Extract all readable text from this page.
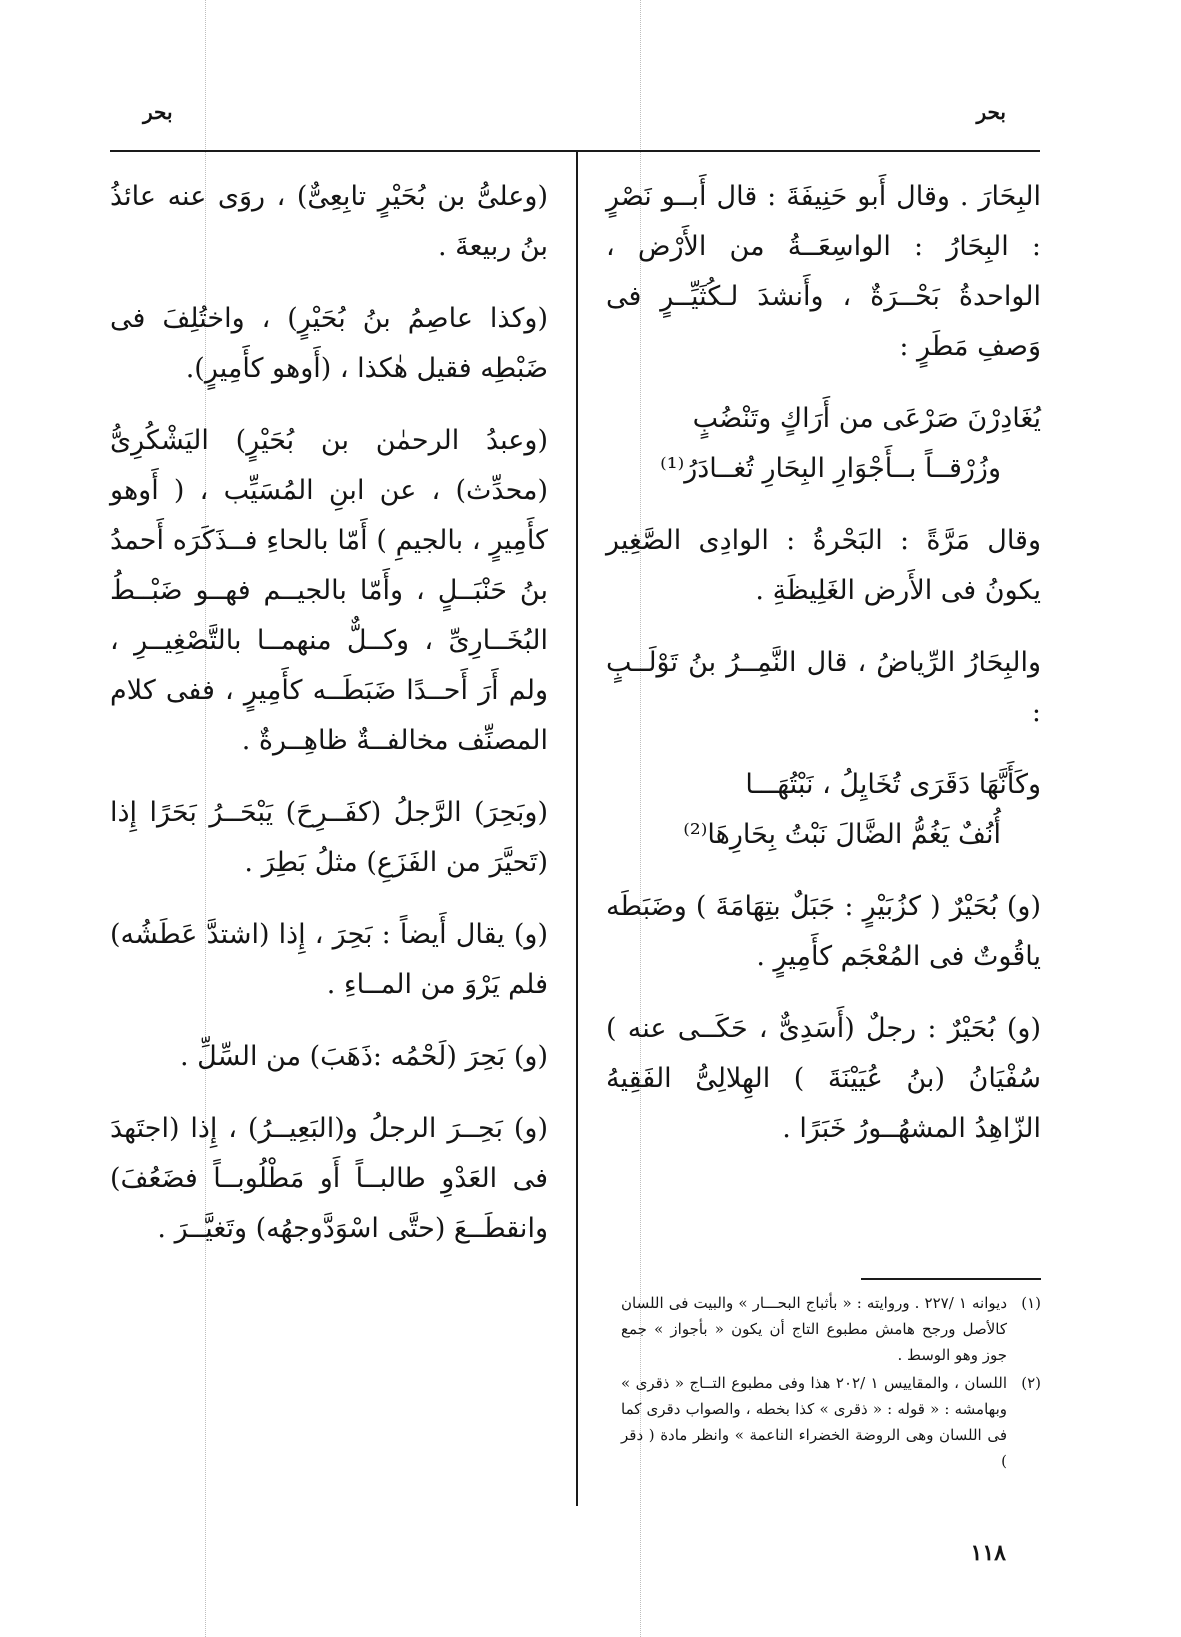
بحر
بحر

البِحَارَ . وقال أَبو حَنِيفَةَ : قال أَبــو نَصْرٍ : البِحَارُ : الواسِعَــةُ من الأَرْض ، الواحدةُ بَحْــرَةٌ ، وأَنشدَ لـكُثَيِّــرٍ فى وَصفِ مَطَرٍ :

يُغَادِرْنَ صَرْعَى من أَرَاكٍ وتَنْضُبٍ
وزُرْقــاً بــأَجْوَارِ البِحَارِ تُغــادَرُ⁽¹⁾

وقال مَرَّةً : البَحْرةُ : الوادِى الصَّغِير يكونُ فى الأَرض الغَلِيظَةِ .

والبِحَارُ الرِّياضُ ، قال النَّمِــرُ بنُ تَوْلَــبٍ :

وكَأَنَّهَا دَقَرَى تُخَايِلُ ، نَبْتُهَـــا
أُنُفٌ يَغُمُّ الضَّالَ نَبْتُ بِحَارِهَا⁽²⁾

(و) بُحَيْرٌ ( كزُبَيْرٍ : جَبَلٌ بتِهَامَةَ ) وضَبَطَه ياقُوتٌ فى المُعْجَم كأَمِيرٍ .

(و) بُحَيْرٌ : رجلٌ (أَسَدِىٌّ ، حَكَــى عنه ) سُفْيَانُ (بنُ عُيَيْنَةَ ) الهِلالِىُّ الفَقِيهُ الزّاهِدُ المشهُــورُ خَبَرًا .

(١)
ديوانه ١ /٢٢٧ . وروايته : « بأثباج البحـــار » والبيت فى اللسان كالأصل ورجح هامش مطبوع التاج أن يكون « بأجواز » جمع جوز وهو الوسط .
(٢)
اللسان ، والمقاييس ١ /٢٠٢ هذا وفى مطبوع التــاج « ذقرى » وبهامشه : « قوله : « ذقرى » كذا بخطه ، والصواب دقرى كما فى اللسان وهى الروضة الخضراء الناعمة » وانظر مادة ( دقر )

(وعلىُّ بن بُحَيْرٍ تابِعِىٌّ) ، روَى عنه عائذُ بنُ ربيعةَ .

(وكذا عاصِمُ بنُ بُحَيْرٍ) ، واختُلِفَ فى ضَبْطِه فقيل هٰكذا ، (أَوهو كأَمِيرٍ).

(وعبدُ الرحمٰن بن بُحَيْرٍ) اليَشْكُرِىُّ (محدِّث) ، عن ابنِ المُسَيِّب ، ( أَوهو كأَمِيرٍ ، بالجيمِ ) أَمّا بالحاءِ فــذَكَرَه أَحمدُ بنُ حَنْبَــلٍ ، وأَمّا بالجيــم فهــو ضَبْــطُ البُخَــارِىِّ ، وكــلٌّ منهمــا بالتَّصْغِيــرِ ، ولم أَرَ أَحــدًا ضَبَطَــه كأَمِيرٍ ، ففى كلام المصنِّف مخالفــةٌ ظاهِــرةٌ .

(وبَحِرَ) الرَّجلُ (كفَــرِحَ) يَبْحَــرُ بَحَرًا إِذا (تَحيَّرَ من الفَزَعِ) مثلُ بَطِرَ .

(و) يقال أَيضاً : بَحِرَ ، إِذا (اشتدَّ عَطَشُه) فلم يَرْوَ من المــاءِ .

(و) بَحِرَ (لَحْمُه :ذَهَبَ) من السِّلِّ .

(و) بَحِــرَ الرجلُ و(البَعِيــرُ) ، إِذا (اجتَهدَ فى العَدْوِ طالبــاً أَو مَطْلُوبــاً فضَعُفَ) وانقطَــعَ (حتَّى اسْوَدَّوجهُه) وتَغيَّــرَ .

١١٨
